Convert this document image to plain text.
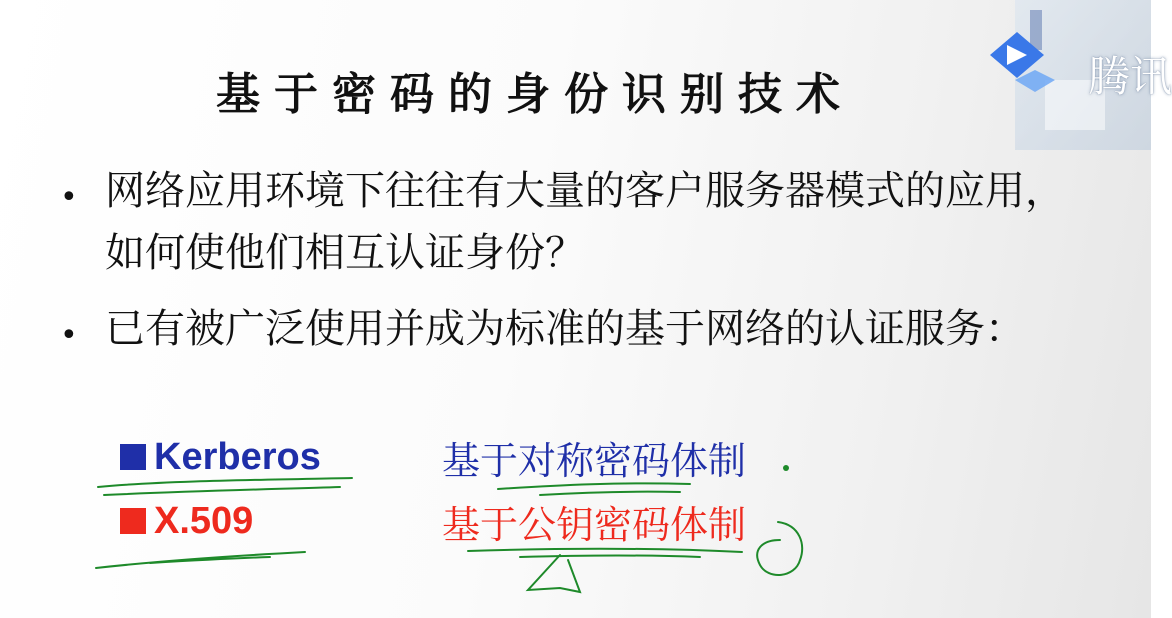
基于密码的身份识别技术
• 网络应用环境下往往有大量的客户服务器模式的应用，如何使他们相互认证身份？

• 已有被广泛使用并成为标准的基于网络的认证服务：

Kerberos	基于对称密码体制
X.509	基于公钥密码体制
腾讯
